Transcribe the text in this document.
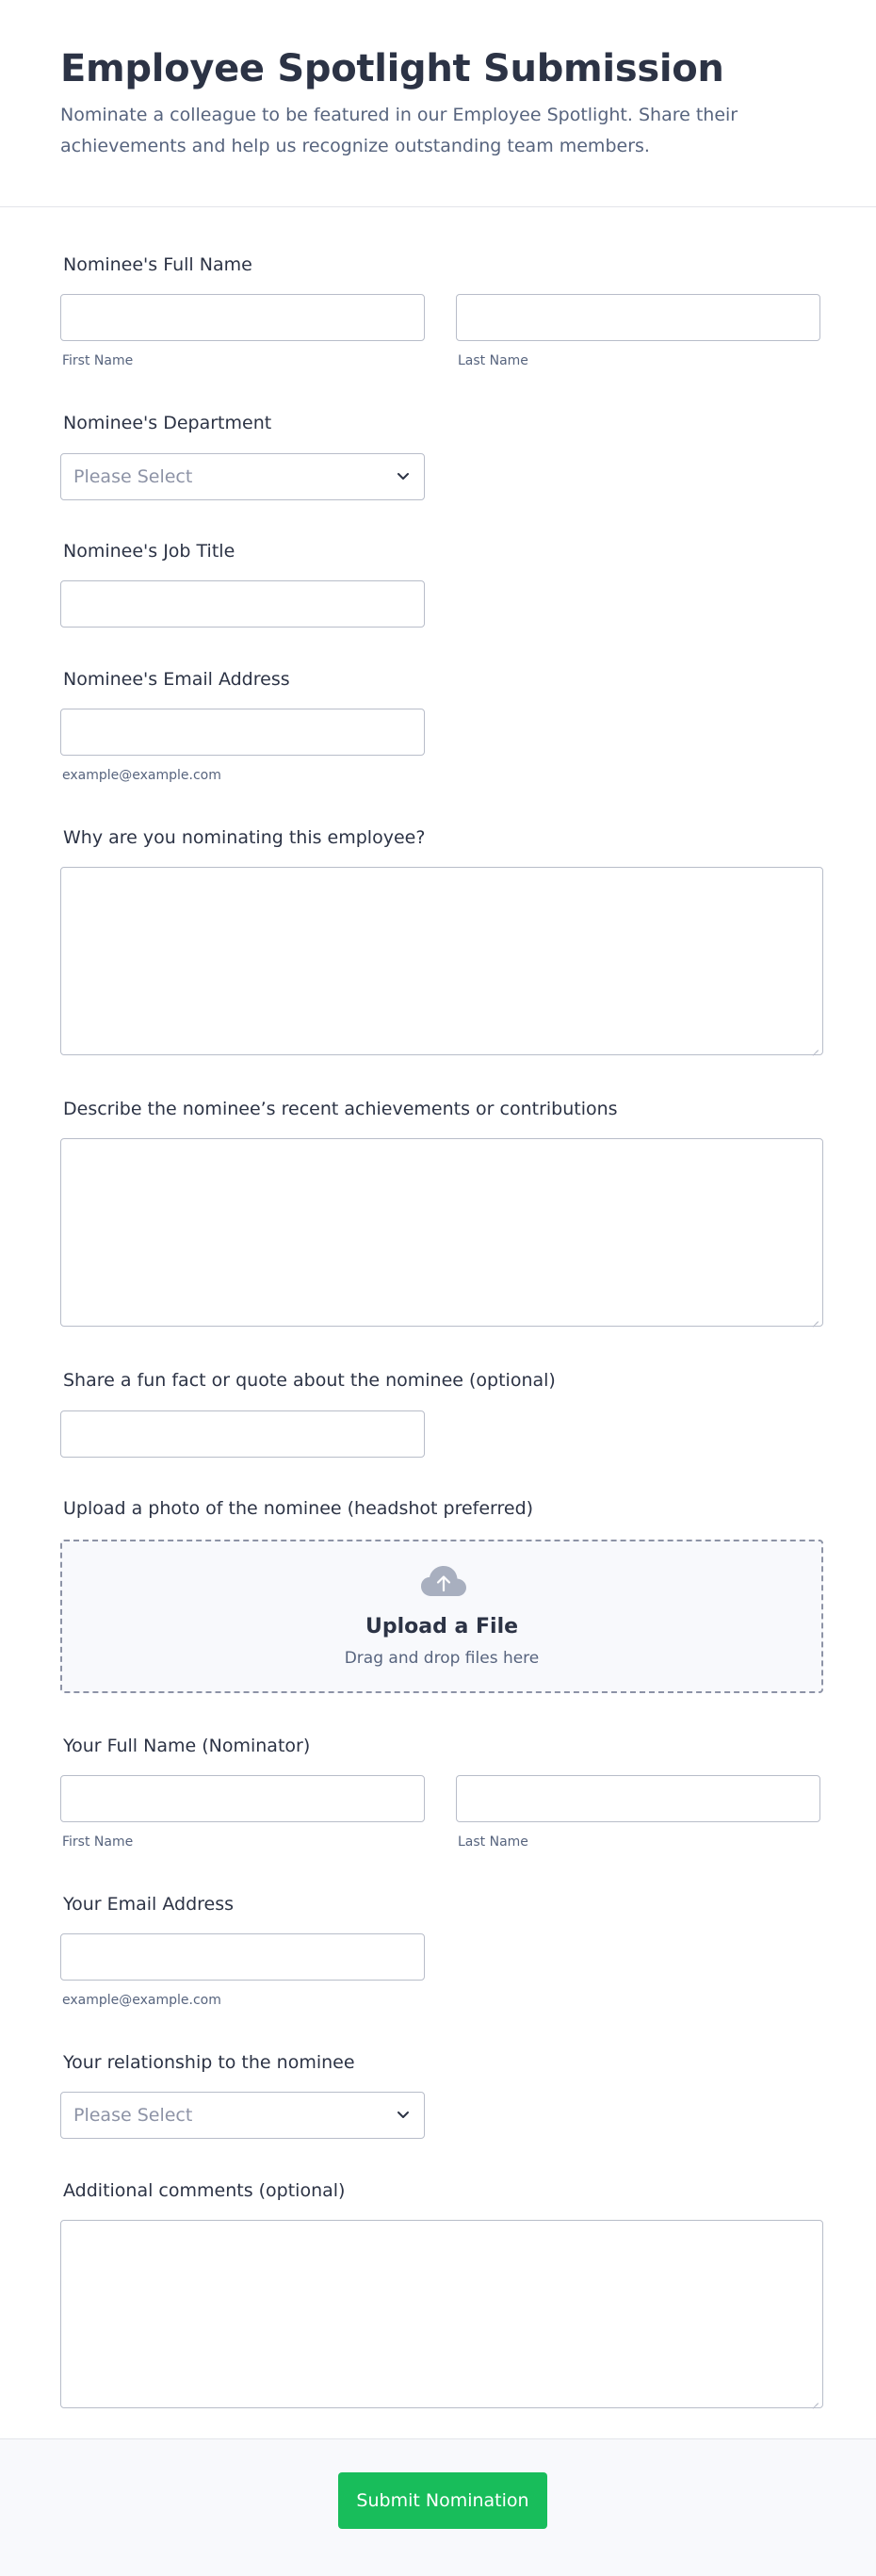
Employee Spotlight Submission

Nominate a colleague to be featured in our Employee Spotlight. Share their achievements and help us recognize outstanding team members.

Nominee's Full Name
First Name	Last Name
Nominee's Department
Please Select
Nominee's Job Title
Nominee's Email Address
example@example.com
Why are you nominating this employee?
Describe the nominee’s recent achievements or contributions
Share a fun fact or quote about the nominee (optional)
Upload a photo of the nominee (headshot preferred)
Upload a File
Drag and drop files here
Your Full Name (Nominator)
First Name	Last Name
Your Email Address
example@example.com
Your relationship to the nominee
Please Select
Additional comments (optional)
Submit Nomination
